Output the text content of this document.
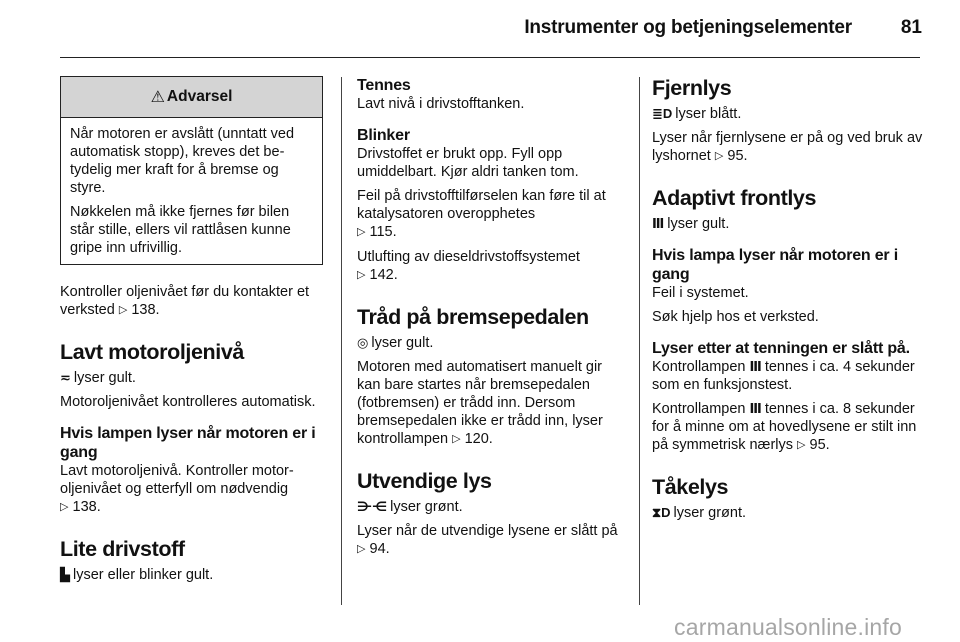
Instrumenter og betjeningselementer	81
⚠ Advarsel

Når motoren er avslått (unntatt ved automatisk stopp), kreves det betydelig mer kraft for å bremse og styre.

Nøkkelen må ikke fjernes før bilen står stille, ellers vil rattlåsen kunne gripe inn ufrivillig.

Kontroller oljenivået før du kontakter et verksted ▷ 138.

Lavt motoroljenivå

≂ lyser gult.

Motoroljenivået kontrolleres automatisk.

Hvis lampen lyser når motoren er i gang

Lavt motoroljenivå. Kontroller motoroljenivået og etterfyll om nødvendig
▷ 138.

Lite drivstoff

▙ lyser eller blinker gult.

Tennes

Lavt nivå i drivstofftanken.

Blinker

Drivstoffet er brukt opp. Fyll opp umiddelbart. Kjør aldri tanken tom.

Feil på drivstofftilførselen kan føre til at katalysatoren overopphetes
▷ 115.

Utlufting av dieseldrivstoffsystemet
▷ 142.

Tråd på bremsepedalen

◎ lyser gult.

Motoren med automatisert manuelt gir kan bare startes når bremsepedalen (fotbremsen) er trådd inn. Dersom bremsepedalen ikke er trådd inn, lyser kontrollampen ▷ 120.

Utvendige lys

⋺⋲ lyser grønt.

Lyser når de utvendige lysene er slått på ▷ 94.

Fjernlys

≣D lyser blått.

Lyser når fjernlysene er på og ved bruk av lyshornet ▷ 95.

Adaptivt frontlys

Ⅲ lyser gult.

Hvis lampa lyser når motoren er i gang

Feil i systemet.

Søk hjelp hos et verksted.

Lyser etter at tenningen er slått på.

Kontrollampen Ⅲ tennes i ca. 4 sekunder som en funksjonstest.

Kontrollampen Ⅲ tennes i ca. 8 sekunder for å minne om at hovedlysene er stilt inn på symmetrisk nærlys ▷ 95.

Tåkelys

⧗D lyser grønt.

carmanualsonline.info
